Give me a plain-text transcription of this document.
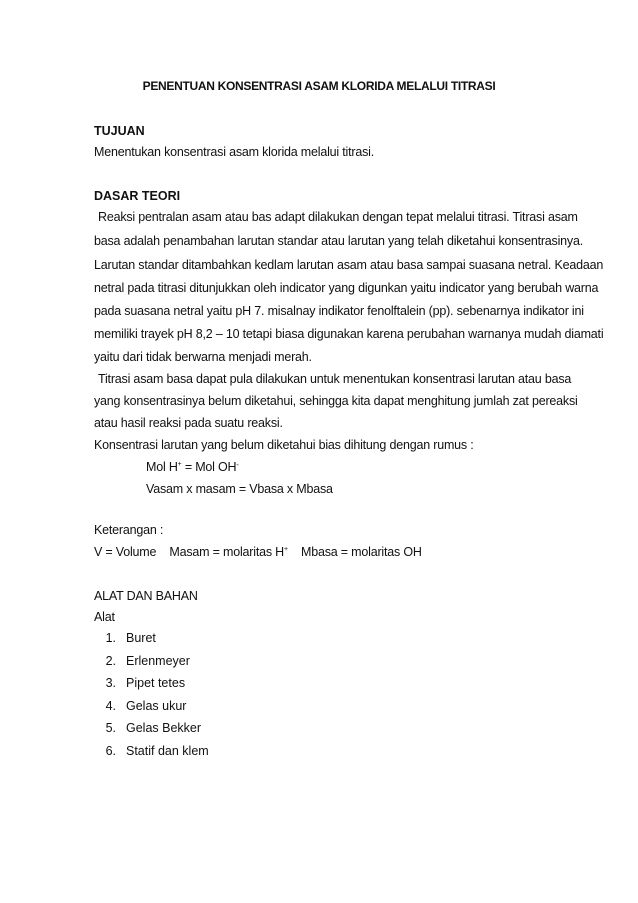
PENENTUAN KONSENTRASI ASAM KLORIDA MELALUI TITRASI
TUJUAN
Menentukan konsentrasi asam klorida melalui titrasi.
DASAR TEORI
Reaksi pentralan asam atau bas adapt dilakukan dengan tepat melalui titrasi. Titrasi asam
basa adalah penambahan larutan standar atau larutan yang telah diketahui konsentrasinya.
Larutan standar ditambahkan kedlam larutan asam atau basa sampai suasana netral. Keadaan
netral pada titrasi ditunjukkan oleh indicator yang digunkan yaitu indicator yang berubah warna
pada suasana netral yaitu pH 7. misalnay indikator fenolftalein (pp). sebenarnya indikator ini
memiliki trayek pH 8,2 – 10 tetapi biasa digunakan karena perubahan warnanya mudah diamati
yaitu dari tidak berwarna menjadi merah.
Titrasi asam basa dapat pula dilakukan untuk menentukan konsentrasi larutan atau basa
yang konsentrasinya belum diketahui, sehingga kita dapat menghitung jumlah zat pereaksi
atau hasil reaksi pada suatu reaksi.
Konsentrasi larutan yang belum diketahui bias dihitung dengan rumus :
Mol H+ = Mol OH-
Vasam x masam = Vbasa x Mbasa
Keterangan :
V = Volume    Masam = molaritas H+    Mbasa = molaritas OH
ALAT DAN BAHAN
Alat
1. Buret
2. Erlenmeyer
3. Pipet tetes
4. Gelas ukur
5. Gelas Bekker
6. Statif dan klem
